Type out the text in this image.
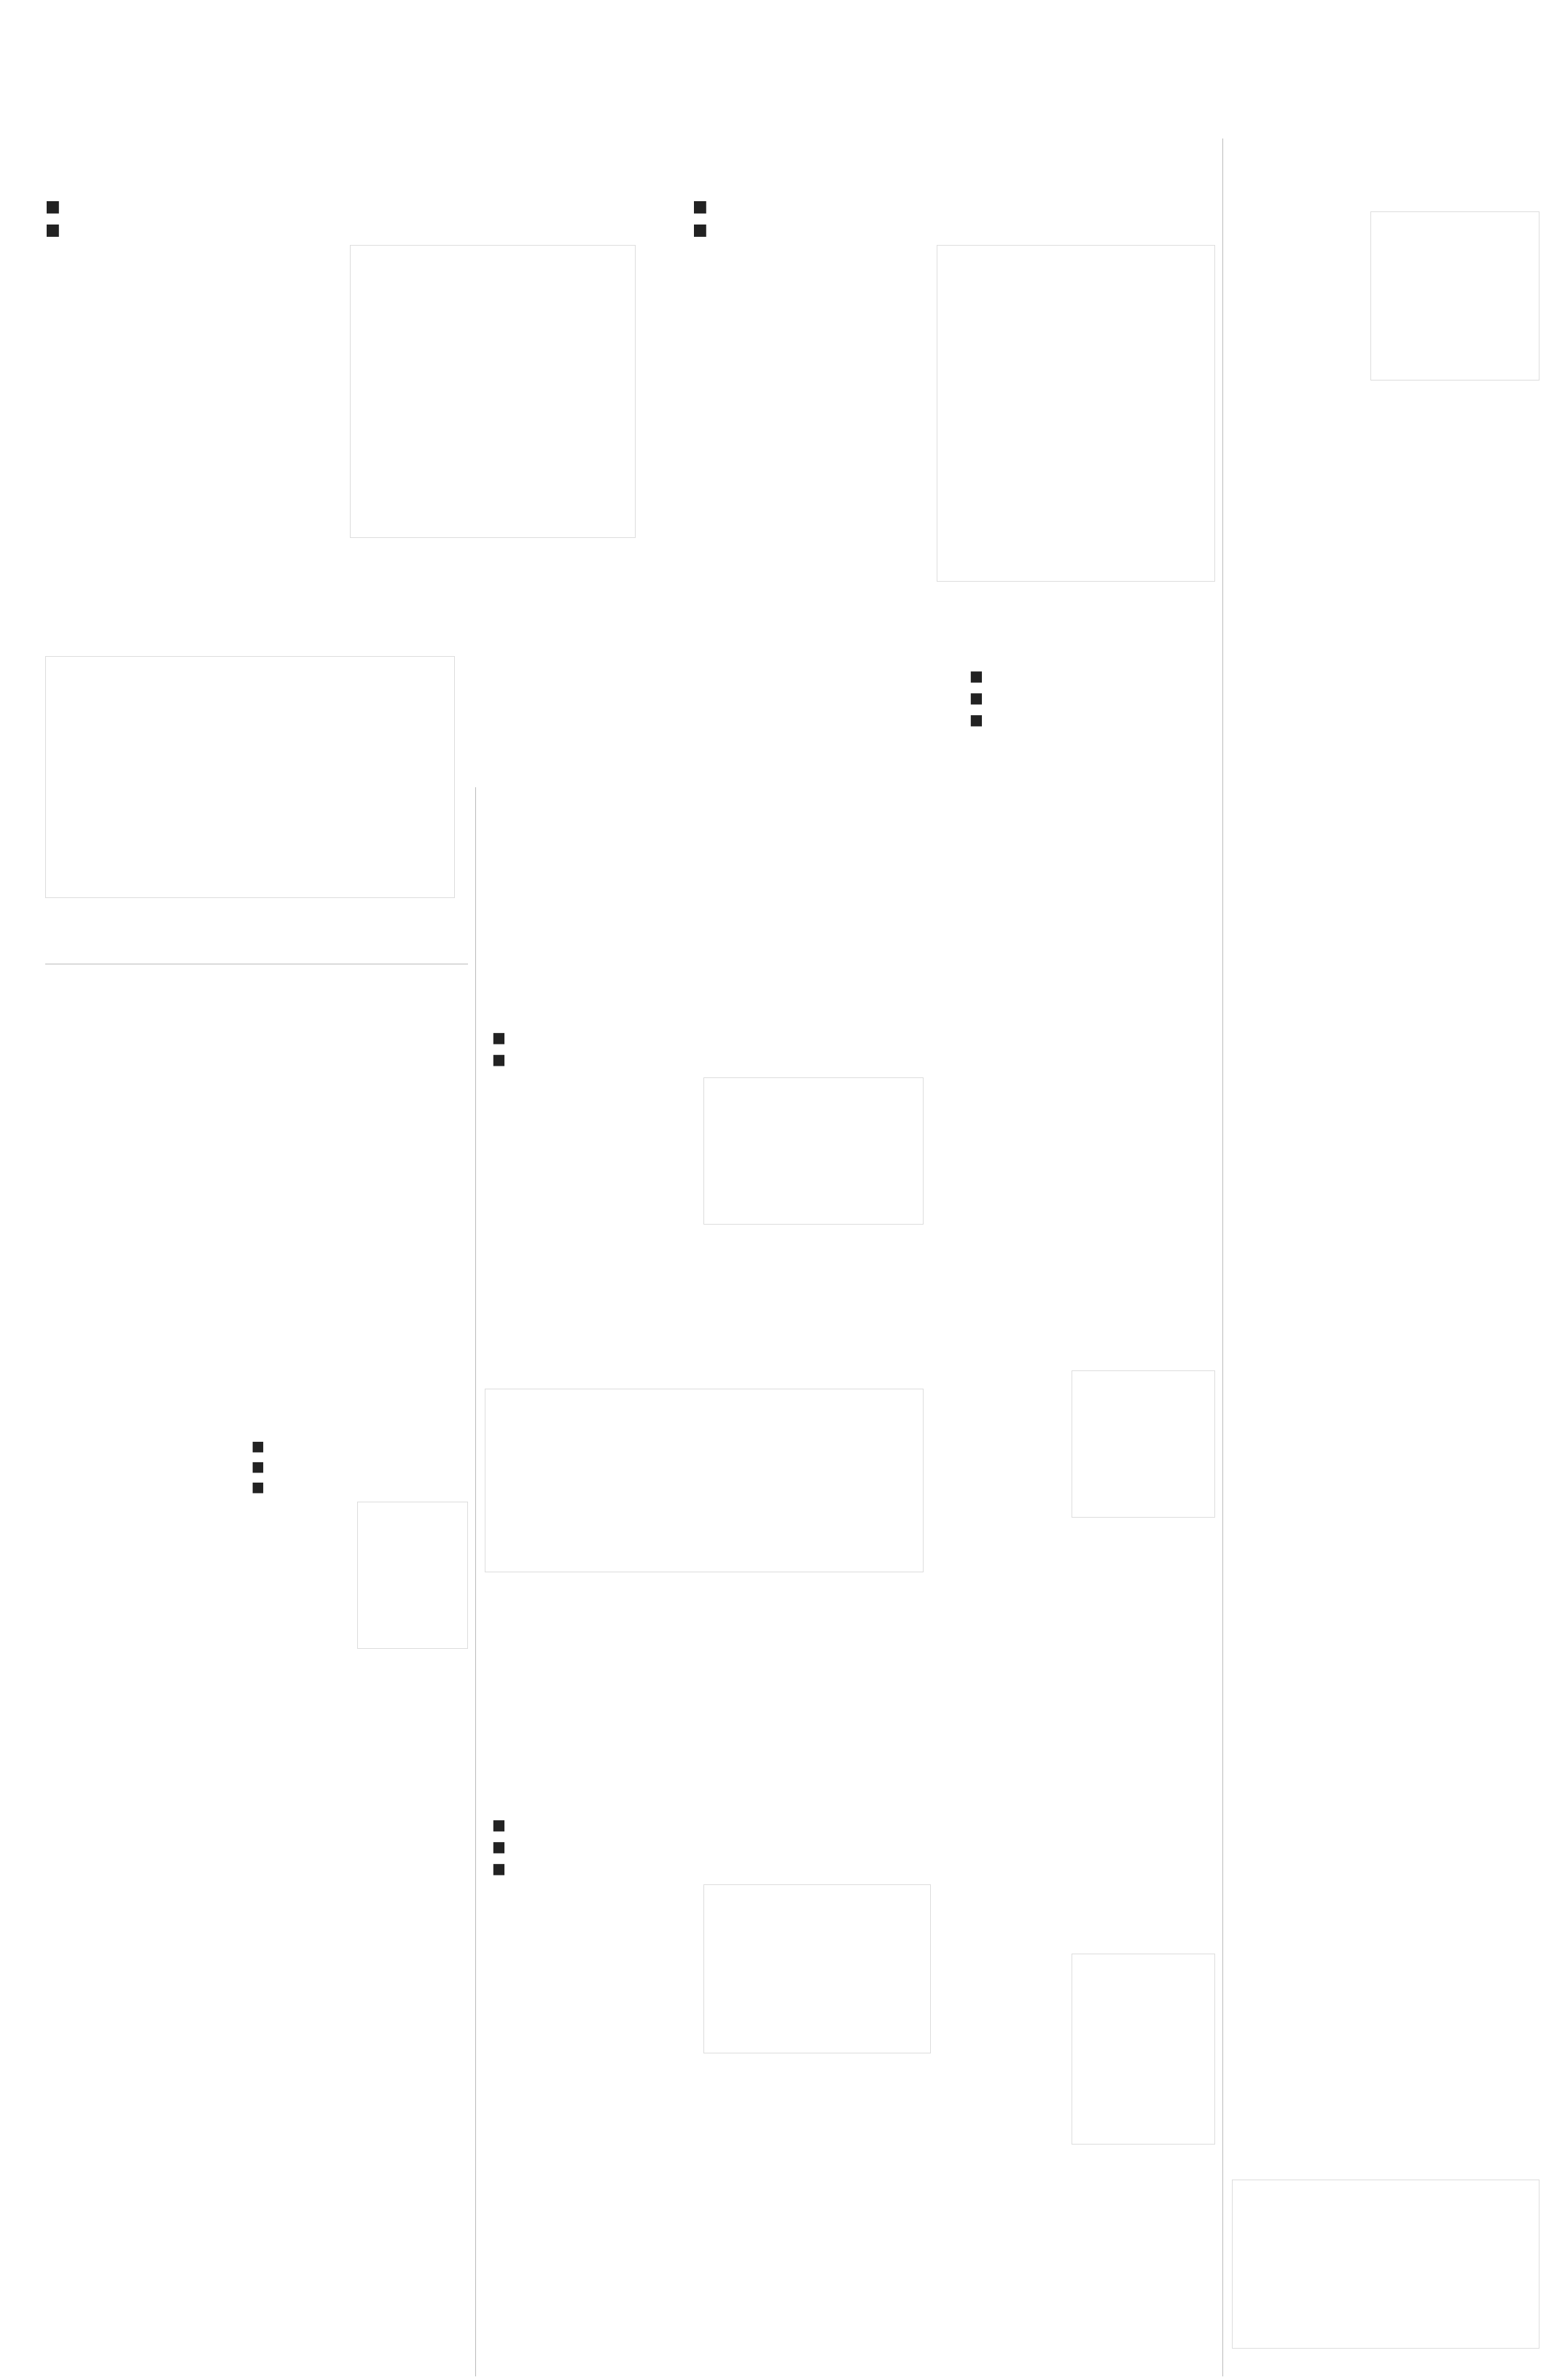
■
■
■
■
■
■
■
■
■
■
■
■
■
■
■
